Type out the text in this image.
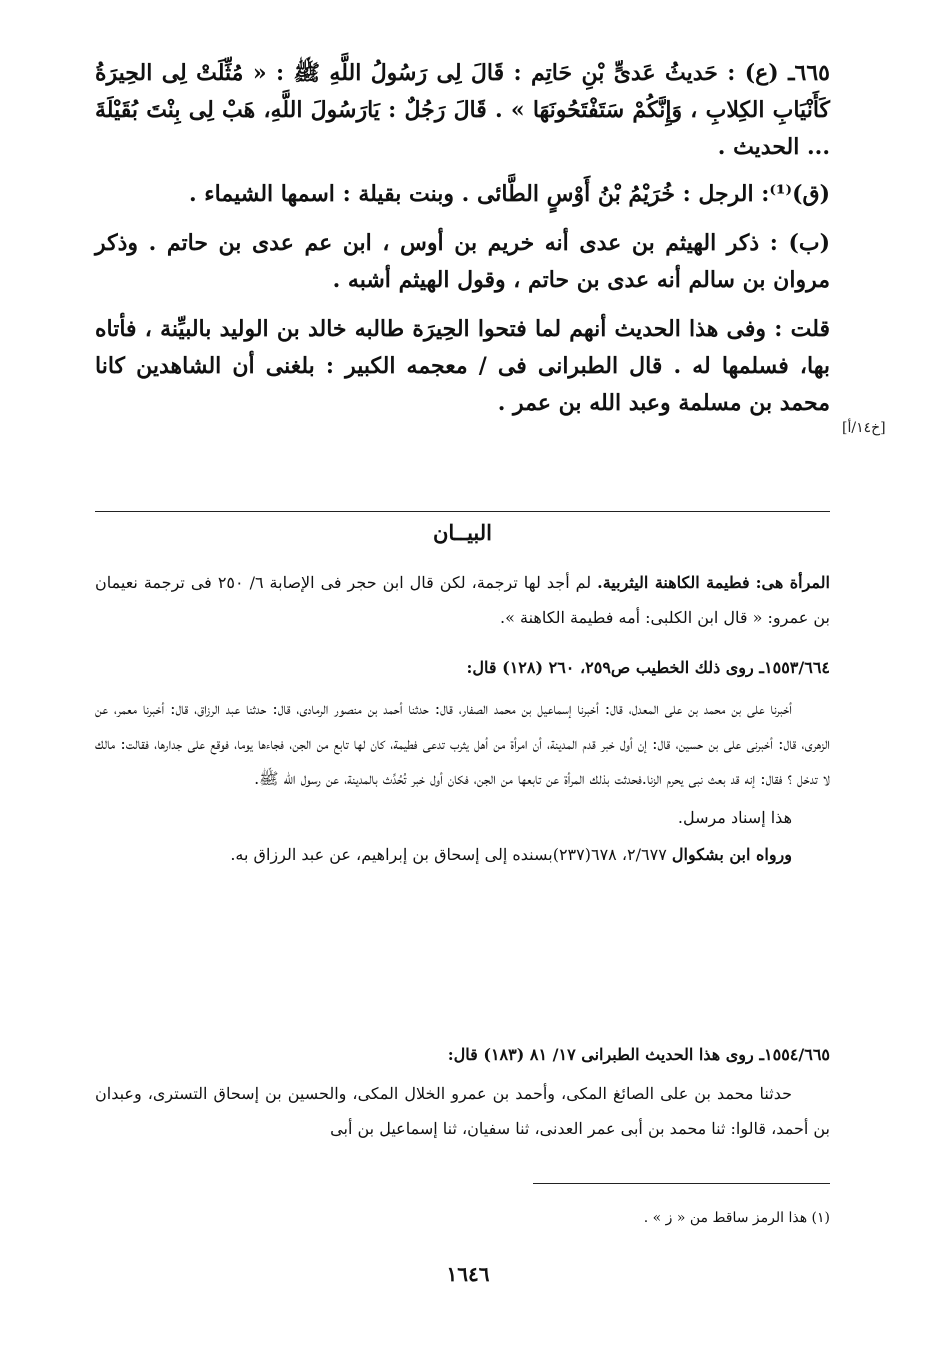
٦٦٥ـ (ع) : حَديثُ عَدىٍّ بْنِ حَاتِم : قَالَ لِى رَسُولُ اللَّهِ ﷺ : « مُثِّلَتْ لِى الحِيرَةُ كَأَنْيَابِ الكِلابِ ، وَإِنَّكُمْ سَتَفْتَحُونَهَا » . قَالَ رَجُلٌ : يَارَسُولَ اللَّهِ، هَبْ لِى بِنْتَ بُقَيْلَةَ ... الحديث .

(ق)⁽¹⁾: الرجل : خُرَيْمُ بْنُ أَوْسٍ الطَّائى . وبنت بقيلة : اسمها الشيماء .

(ب) : ذكر الهيثم بن عدى أنه خريم بن أوس ، ابن عم عدى بن حاتم . وذكر مروان بن سالم أنه عدى بن حاتم ، وقول الهيثم أشبه .

قلت : وفى هذا الحديث أنهم لما فتحوا الحِيرَة طالبه خالد بن الوليد بالبيِّنة ، فأتاه بها، فسلمها له . قال الطبرانى فى / معجمه الكبير : بلغنى أن الشاهدين كانا محمد بن مسلمة وعبد الله بن عمر .

[خ١٤/أ]
البيــان

المرأة هى: فطيمة الكاهنة اليثربية. لم أجد لها ترجمة، لكن قال ابن حجر فى الإصابة ٦/ ٢٥٠ فى ترجمة نعيمان بن عمرو: « قال ابن الكلبى: أمه فطيمة الكاهنة ».

١٥٥٣/٦٦٤ـ روى ذلك الخطيب ص٢٥٩، ٢٦٠ (١٢٨) قال:

أخبرنا على بن محمد بن على المعدل، قال: أخبرنا إسماعيل بن محمد الصفار، قال: حدثنا أحمد بن منصور الرمادى، قال: حدثنا عبد الرزاق، قال: أخبرنا معمر، عن الزهرى، قال: أخبرنى على بن حسين، قال: إن أول خبر قدم المدينة، أن امرأة من أهل يثرب تدعى فطيمة، كان لها تابع من الجن، فجاءها يوما، فوقع على جدارها، فقالت: مالك لا تدخل ؟ فقال: إنه قد بعث نبى يحرم الزنا.فحدثت بذلك المرأة عن تابعها من الجن، فكان أول خبر تُحُدِّث بالمدينة، عن رسول الله ﷺ.

هذا إسناد مرسل.

ورواه ابن بشكوال ٢/٦٧٧، ٦٧٨(٢٣٧)بسنده إلى إسحاق بن إبراهيم، عن عبد الرزاق به.

١٥٥٤/٦٦٥ـ روى هذا الحديث الطبرانى ١٧/ ٨١ (١٨٣) قال:

حدثنا محمد بن على الصائغ المكى، وأحمد بن عمرو الخلال المكى، والحسين بن إسحاق التسترى، وعبدان بن أحمد، قالوا: ثنا محمد بن أبى عمر العدنى، ثنا سفيان، ثنا إسماعيل بن أبى

(١) هذا الرمز ساقط من « ز » .
١٦٤٦
